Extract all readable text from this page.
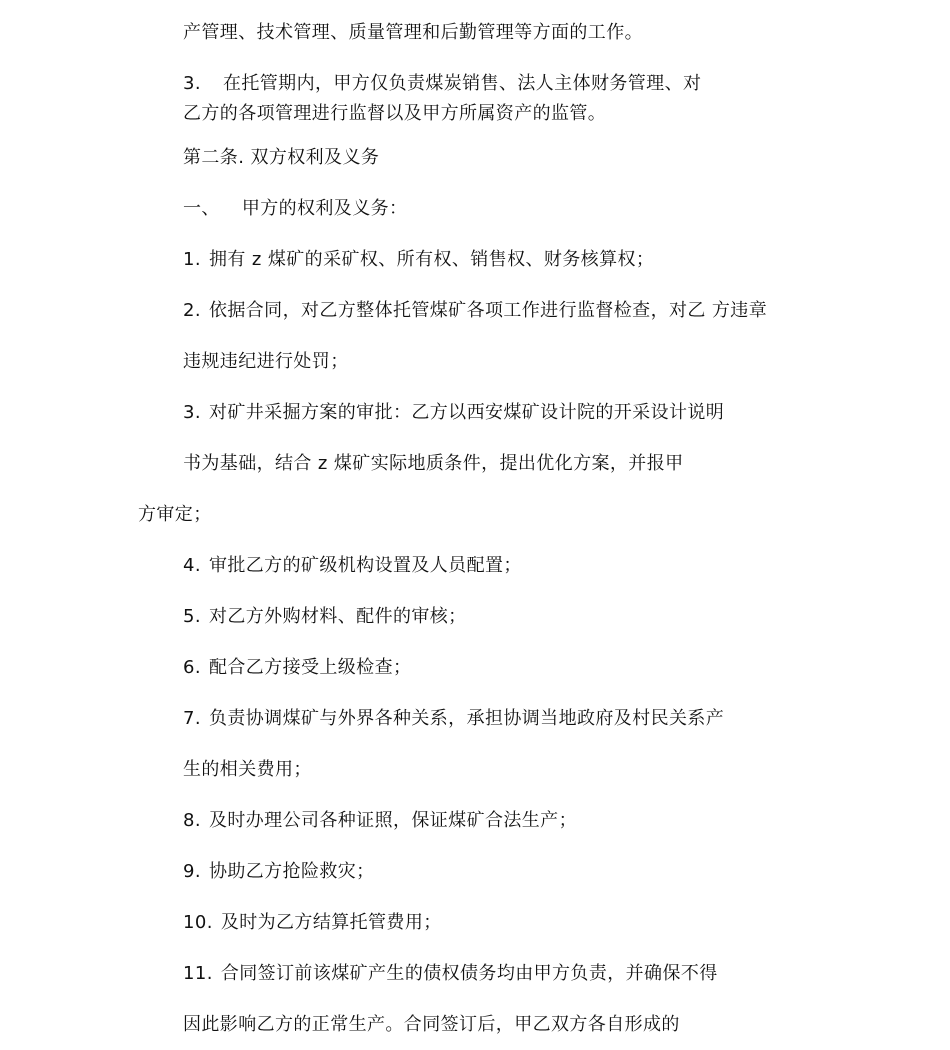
产管理、技术管理、质量管理和后勤管理等方面的工作。
3. 在托管期内，甲方仅负责煤炭销售、法人主体财务管理、对
乙方的各项管理进行监督以及甲方所属资产的监管。
第二条. 双方权利及义务
一、 甲方的权利及义务：
1. 拥有 z 煤矿的采矿权、所有权、销售权、财务核算权；
2. 依据合同，对乙方整体托管煤矿各项工作进行监督检查，对乙 方违章
违规违纪进行处罚；
3. 对矿井采掘方案的审批：乙方以西安煤矿设计院的开采设计说明
书为基础，结合 z 煤矿实际地质条件，提出优化方案，并报甲
方审定；
4. 审批乙方的矿级机构设置及人员配置；
5. 对乙方外购材料、配件的审核；
6. 配合乙方接受上级检查；
7. 负责协调煤矿与外界各种关系，承担协调当地政府及村民关系产
生的相关费用；
8. 及时办理公司各种证照，保证煤矿合法生产；
9. 协助乙方抢险救灾；
10. 及时为乙方结算托管费用；
11. 合同签订前该煤矿产生的债权债务均由甲方负责，并确保不得
因此影响乙方的正常生产。合同签订后，甲乙双方各自形成的
